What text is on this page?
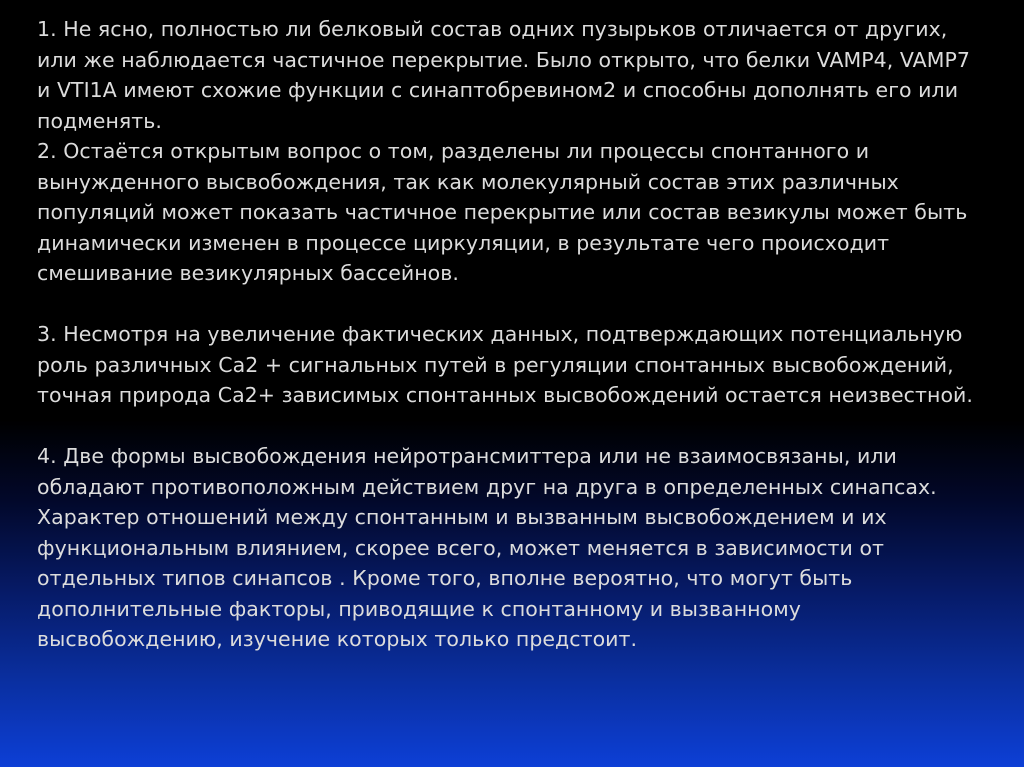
1. Не ясно, полностью ли белковый состав одних пузырьков отличается от других,
или же наблюдается частичное перекрытие. Было открыто, что белки VAMP4, VAMP7
и VTI1A имеют схожие функции с синаптобревином2 и способны дополнять его или
подменять.
2. Остаётся открытым вопрос о том, разделены ли процессы спонтанного и
вынужденного высвобождения, так как молекулярный состав этих различных
популяций может показать частичное перекрытие или состав везикулы может быть
динамически изменен в процессе циркуляции, в результате чего происходит
смешивание везикулярных бассейнов.
3. Несмотря на увеличение фактических данных, подтверждающих потенциальную
роль различных Ca2 + сигнальных путей в регуляции спонтанных высвобождений,
точная природа Ca2+ зависимых спонтанных высвобождений остается неизвестной.
4. Две формы высвобождения нейротрансмиттера или не взаимосвязаны, или
обладают противоположным действием друг на друга в определенных синапсах.
Характер отношений между спонтанным и вызванным высвобождением и их
функциональным влиянием, скорее всего, может меняется в зависимости от
отдельных типов синапсов . Кроме того, вполне вероятно, что могут быть
дополнительные факторы, приводящие к спонтанному и вызванному
высвобождению, изучение которых только предстоит.
